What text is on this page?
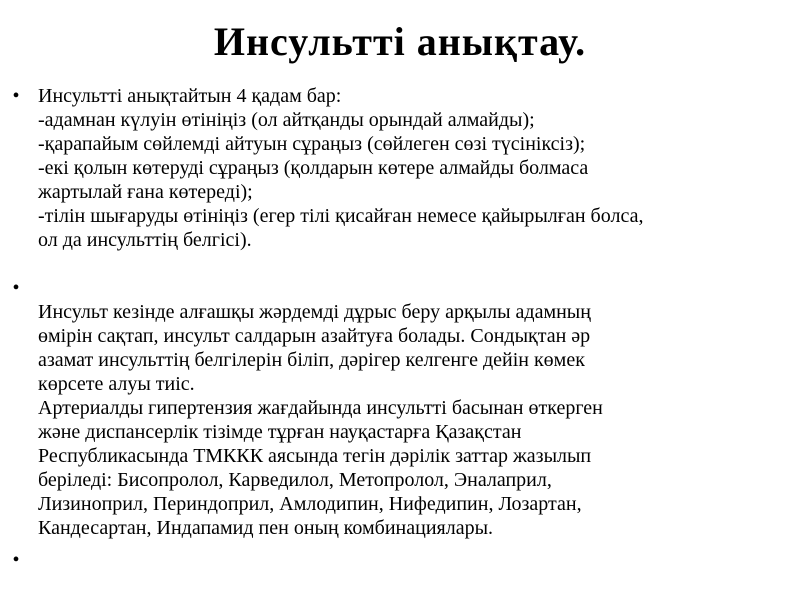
Инсультті анықтау.
• Инсультті анықтайтын 4 қадам бар:
-адамнан күлуін өтініңіз (ол айтқанды орындай алмайды);
-қарапайым сөйлемді айтуын сұраңыз (сөйлеген сөзі түсініксіз);
-екі қолын көтеруді сұраңыз (қолдарын көтере алмайды болмаса
жартылай ғана көтереді);
-тілін шығаруды өтініңіз (егер тілі қисайған немесе қайырылған болса,
ол да инсульттің белгісі).
•
Инсульт кезінде алғашқы жәрдемді дұрыс беру арқылы адамның
өмірін сақтап, инсульт салдарын азайтуға болады. Сондықтан әр
азамат инсульттің белгілерін біліп, дәрігер келгенге дейін көмек
көрсете алуы тиіс.
Артериалды гипертензия жағдайында инсультті басынан өткерген
және диспансерлік тізімде тұрған науқастарға Қазақстан
Республикасында ТМККК аясында тегін дәрілік заттар жазылып
беріледі: Бисопролол, Карведилол, Метопролол, Эналаприл,
Лизиноприл, Периндоприл, Амлодипин, Нифедипин, Лозартан,
Кандесартан, Индапамид пен оның комбинациялары.
•
